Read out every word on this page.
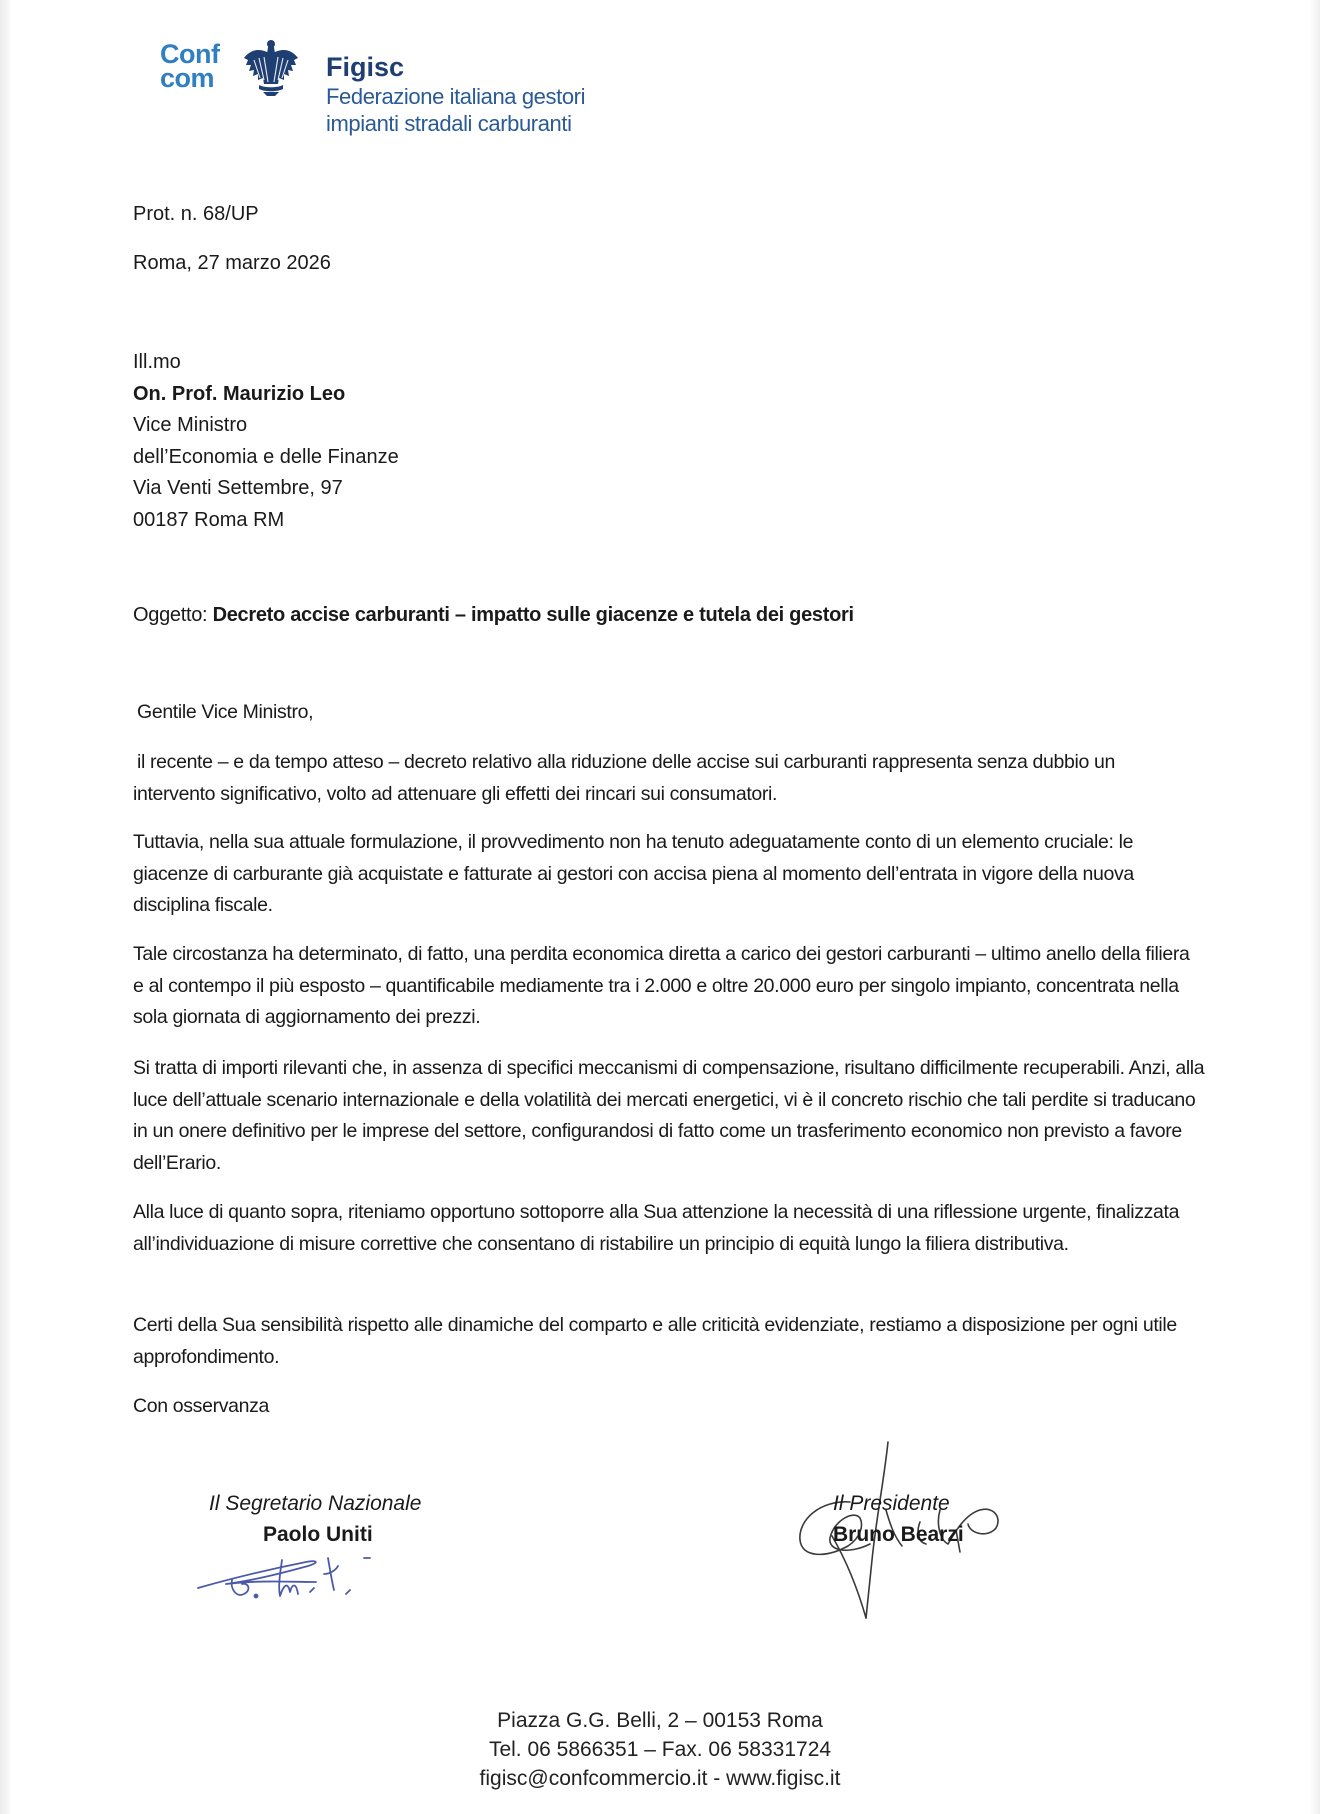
Conf
com	Figisc
Federazione italiana gestori
impianti stradali carburanti
Prot. n. 68/UP
Roma, 27 marzo 2026
Ill.mo
On. Prof. Maurizio Leo
Vice Ministro
dell’Economia e delle Finanze
Via Venti Settembre, 97
00187 Roma RM
Oggetto: Decreto accise carburanti – impatto sulle giacenze e tutela dei gestori
Gentile Vice Ministro,
il recente – e da tempo atteso – decreto relativo alla riduzione delle accise sui carburanti rappresenta senza dubbio un intervento significativo, volto ad attenuare gli effetti dei rincari sui consumatori.
Tuttavia, nella sua attuale formulazione, il provvedimento non ha tenuto adeguatamente conto di un elemento cruciale: le giacenze di carburante già acquistate e fatturate ai gestori con accisa piena al momento dell’entrata in vigore della nuova disciplina fiscale.
Tale circostanza ha determinato, di fatto, una perdita economica diretta a carico dei gestori carburanti – ultimo anello della filiera e al contempo il più esposto – quantificabile mediamente tra i 2.000 e oltre 20.000 euro per singolo impianto, concentrata nella sola giornata di aggiornamento dei prezzi.
Si tratta di importi rilevanti che, in assenza di specifici meccanismi di compensazione, risultano difficilmente recuperabili. Anzi, alla luce dell’attuale scenario internazionale e della volatilità dei mercati energetici, vi è il concreto rischio che tali perdite si traducano in un onere definitivo per le imprese del settore, configurandosi di fatto come un trasferimento economico non previsto a favore dell’Erario.
Alla luce di quanto sopra, riteniamo opportuno sottoporre alla Sua attenzione la necessità di una riflessione urgente, finalizzata all’individuazione di misure correttive che consentano di ristabilire un principio di equità lungo la filiera distributiva.
Certi della Sua sensibilità rispetto alle dinamiche del comparto e alle criticità evidenziate, restiamo a disposizione per ogni utile approfondimento.
Con osservanza
Il Segretario Nazionale
Paolo Uniti
Il Presidente
Bruno Bearzi
Piazza G.G. Belli, 2 – 00153 Roma
Tel. 06 5866351 – Fax. 06 58331724
figisc@confcommercio.it - www.figisc.it
